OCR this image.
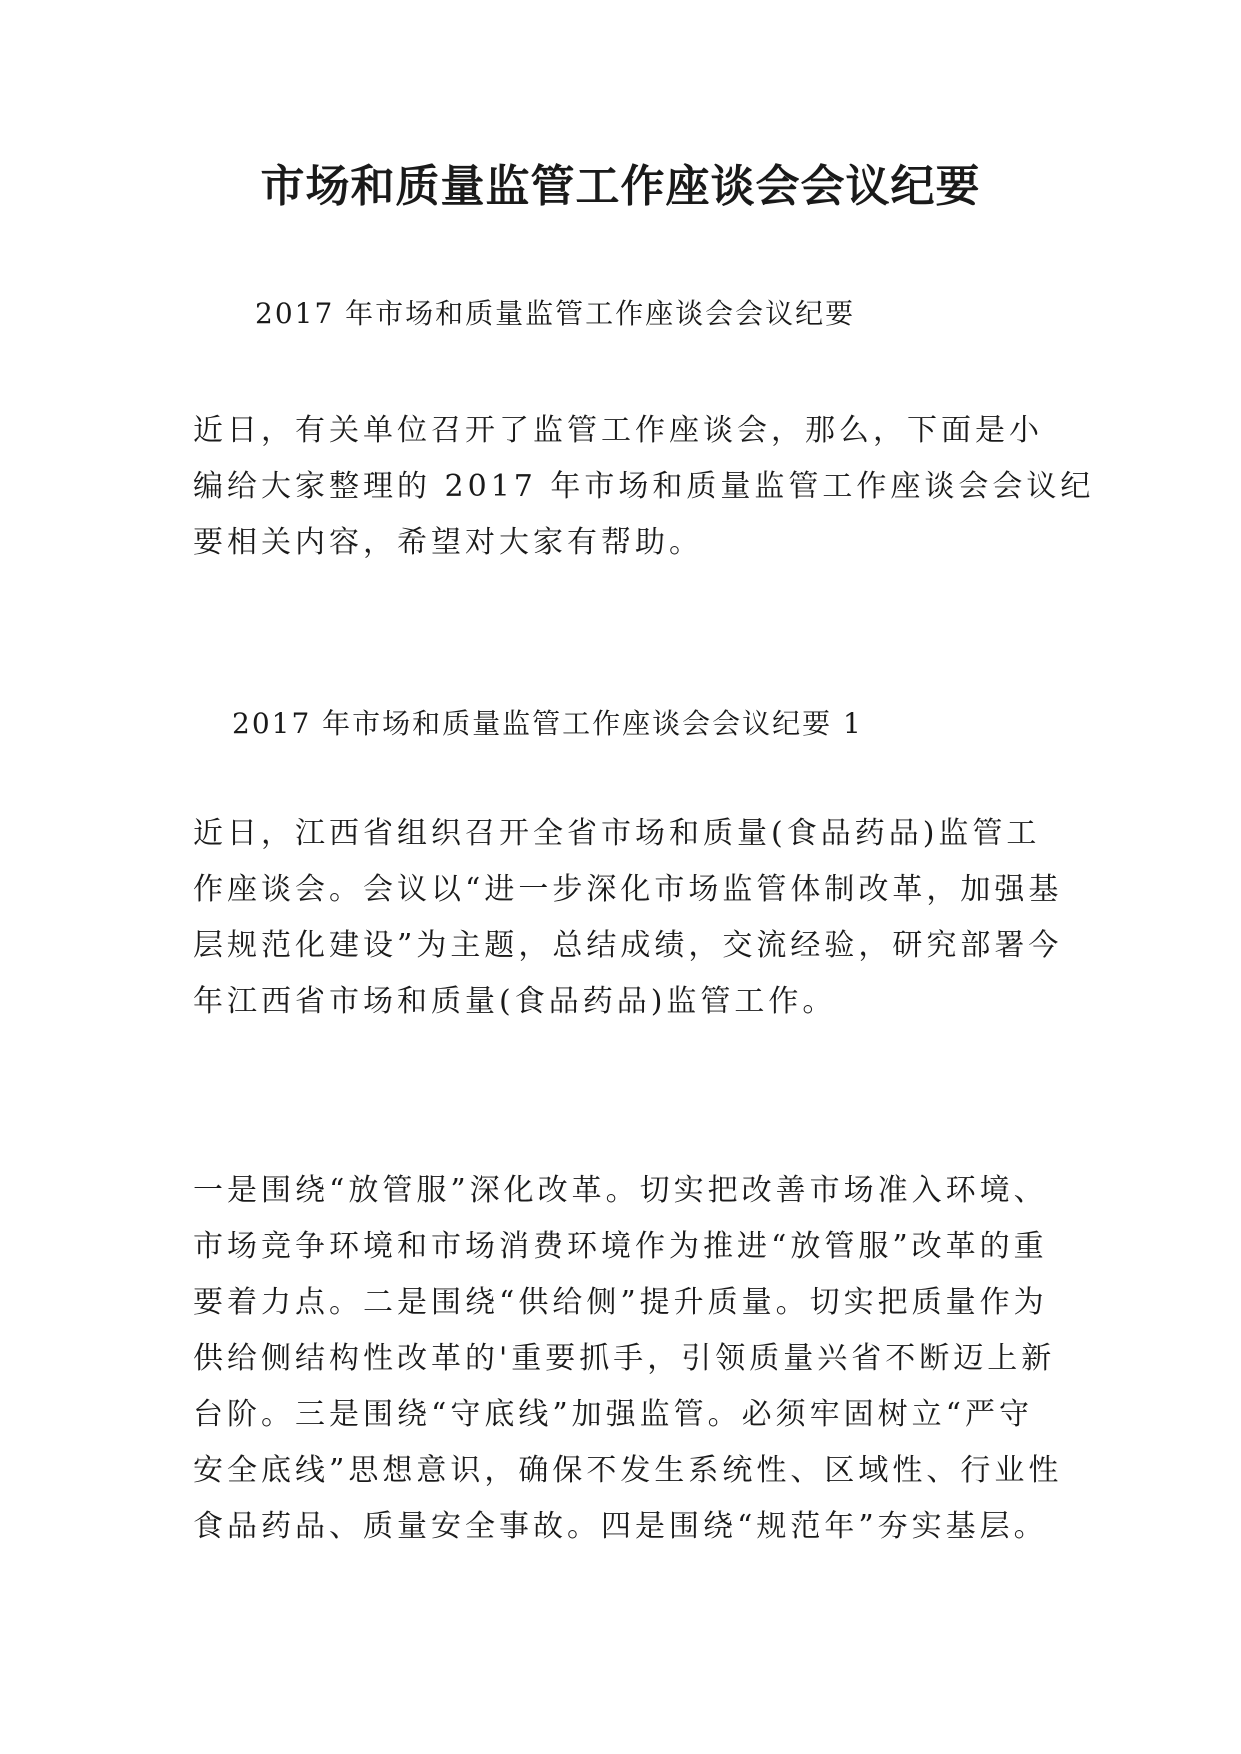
市场和质量监管工作座谈会会议纪要
2017 年市场和质量监管工作座谈会会议纪要
近日，有关单位召开了监管工作座谈会，那么，下面是小
编给大家整理的 2017 年市场和质量监管工作座谈会会议纪
要相关内容，希望对大家有帮助。
2017 年市场和质量监管工作座谈会会议纪要 1
近日，江西省组织召开全省市场和质量(食品药品)监管工
作座谈会。会议以“进一步深化市场监管体制改革，加强基
层规范化建设”为主题，总结成绩，交流经验，研究部署今
年江西省市场和质量(食品药品)监管工作。
一是围绕“放管服”深化改革。切实把改善市场准入环境、
市场竞争环境和市场消费环境作为推进“放管服”改革的重
要着力点。二是围绕“供给侧”提升质量。切实把质量作为
供给侧结构性改革的'重要抓手，引领质量兴省不断迈上新
台阶。三是围绕“守底线”加强监管。必须牢固树立“严守
安全底线”思想意识，确保不发生系统性、区域性、行业性
食品药品、质量安全事故。四是围绕“规范年”夯实基层。
